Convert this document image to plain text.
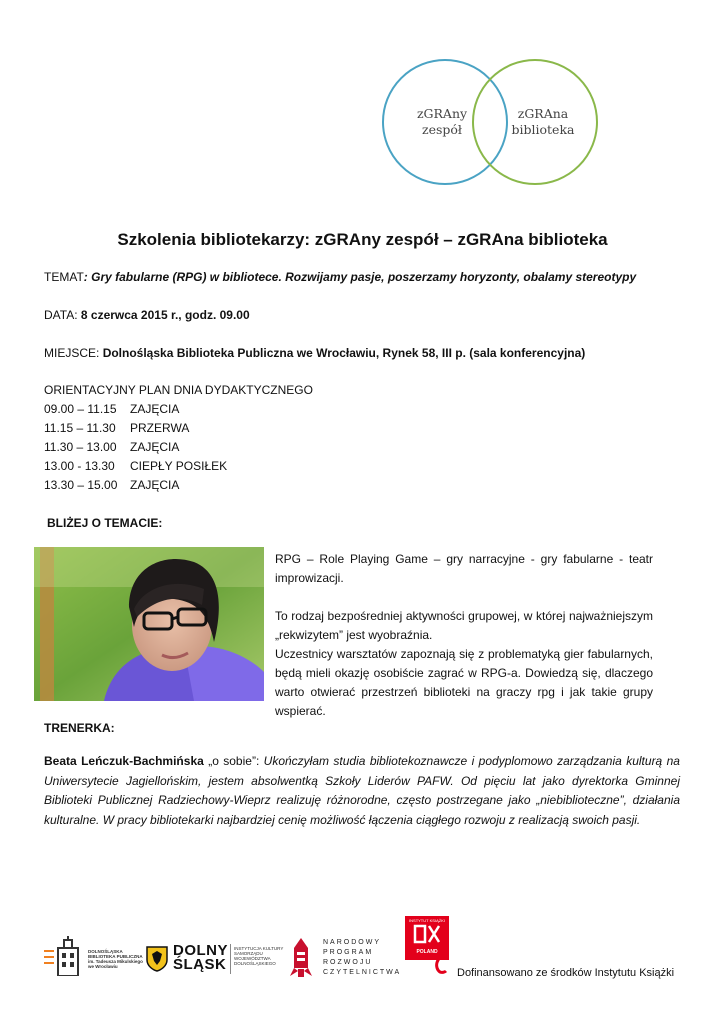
zGRAny
zespół
zGRAna
biblioteka
Szkolenia bibliotekarzy: zGRAny zespół – zGRAna biblioteka
TEMAT: Gry fabularne (RPG) w bibliotece. Rozwijamy pasje, poszerzamy horyzonty, obalamy stereotypy
DATA: 8 czerwca 2015 r., godz. 09.00
MIEJSCE: Dolnośląska Biblioteka Publiczna we Wrocławiu, Rynek 58, III p. (sala konferencyjna)
ORIENTACYJNY PLAN DNIA DYDAKTYCZNEGO
09.00 – 11.15 ZAJĘCIA
11.15 – 11.30 PRZERWA
11.30 – 13.00 ZAJĘCIA
13.00 - 13.30 CIEPŁY POSIŁEK
13.30 – 15.00 ZAJĘCIA
BLIŻEJ O TEMACIE:
RPG – Role Playing Game – gry narracyjne - gry fabularne - teatr improwizacji.
To rodzaj bezpośredniej aktywności grupowej, w której najważniejszym „rekwizytem” jest wyobraźnia.
Uczestnicy warsztatów zapoznają się z problematyką gier fabularnych, będą mieli okazję osobiście zagrać w RPG-a. Dowiedzą się, dlaczego warto otwierać przestrzeń biblioteki na graczy rpg i jak takie grupy wspierać.
TRENERKA:
Beata Leńczuk-Bachmińska „o sobie”: Ukończyłam studia bibliotekoznawcze i podyplomowo zarządzania kulturą na Uniwersytecie Jagiellońskim, jestem absolwentką Szkoły Liderów PAFW. Od pięciu lat jako dyrektorka Gminnej Biblioteki Publicznej Radziechowy-Wieprz realizuję różnorodne, często postrzegane jako „niebiblioteczne”, działania kulturalne. W pracy bibliotekarki najbardziej cenię możliwość łączenia ciągłego rozwoju z realizacją swoich pasji.
DOLNOŚLĄSKA
BIBLIOTEKA PUBLICZNA
im. Tadeusza Mikulskiego
we Wrocławiu
DOLNY
ŚLĄSK
INSTYTUCJA KULTURY
SAMORZĄDU
WOJEWÓDZTWA
DOLNOŚLĄSKIEGO
NARODOWY
PROGRAM
ROZWOJU
CZYTELNICTWA
INSTYTUT KSIĄŻKI
POLAND
Dofinansowano ze środków Instytutu Książki
